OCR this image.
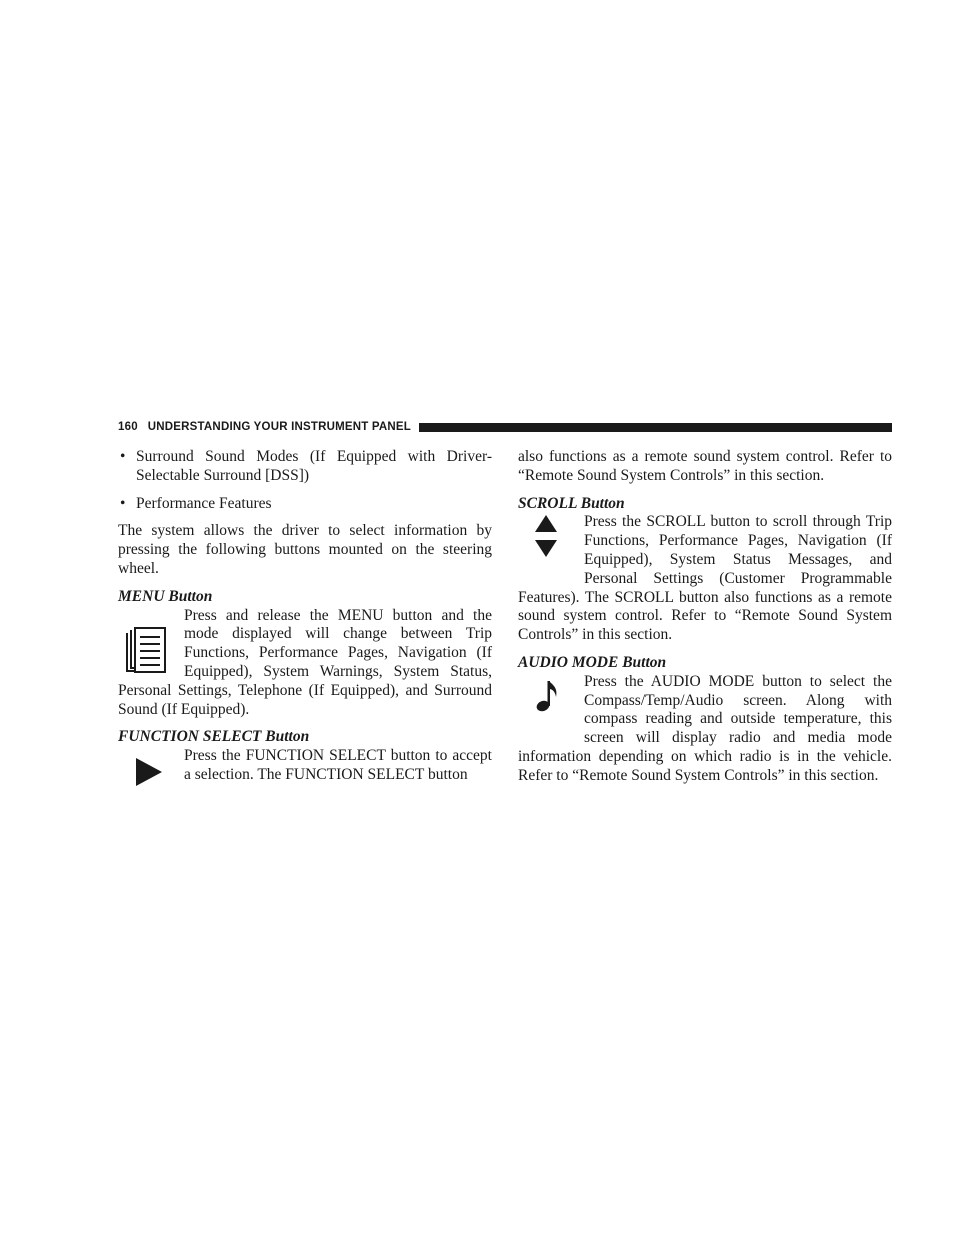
160 UNDERSTANDING YOUR INSTRUMENT PANEL
• Surround Sound Modes (If Equipped with Driver-Selectable Surround [DSS])
• Performance Features

The system allows the driver to select information by pressing the following buttons mounted on the steering wheel.

MENU Button

Press and release the MENU button and the mode displayed will change between Trip Functions, Performance Pages, Navigation (If Equipped), System Warnings, System Status, Personal Settings, Telephone (If Equipped), and Surround Sound (If Equipped).

FUNCTION SELECT Button

Press the FUNCTION SELECT button to accept a selection. The FUNCTION SELECT button

also functions as a remote sound system control. Refer to “Remote Sound System Controls” in this section.

SCROLL Button

Press the SCROLL button to scroll through Trip Functions, Performance Pages, Navigation (If Equipped), System Status Messages, and Personal Settings (Customer Programmable Features). The SCROLL button also functions as a remote sound system control. Refer to “Remote Sound System Controls” in this section.

AUDIO MODE Button

Press the AUDIO MODE button to select the Compass/Temp/Audio screen. Along with compass reading and outside temperature, this screen will display radio and media mode information depending on which radio is in the vehicle. Refer to “Remote Sound System Controls” in this section.
